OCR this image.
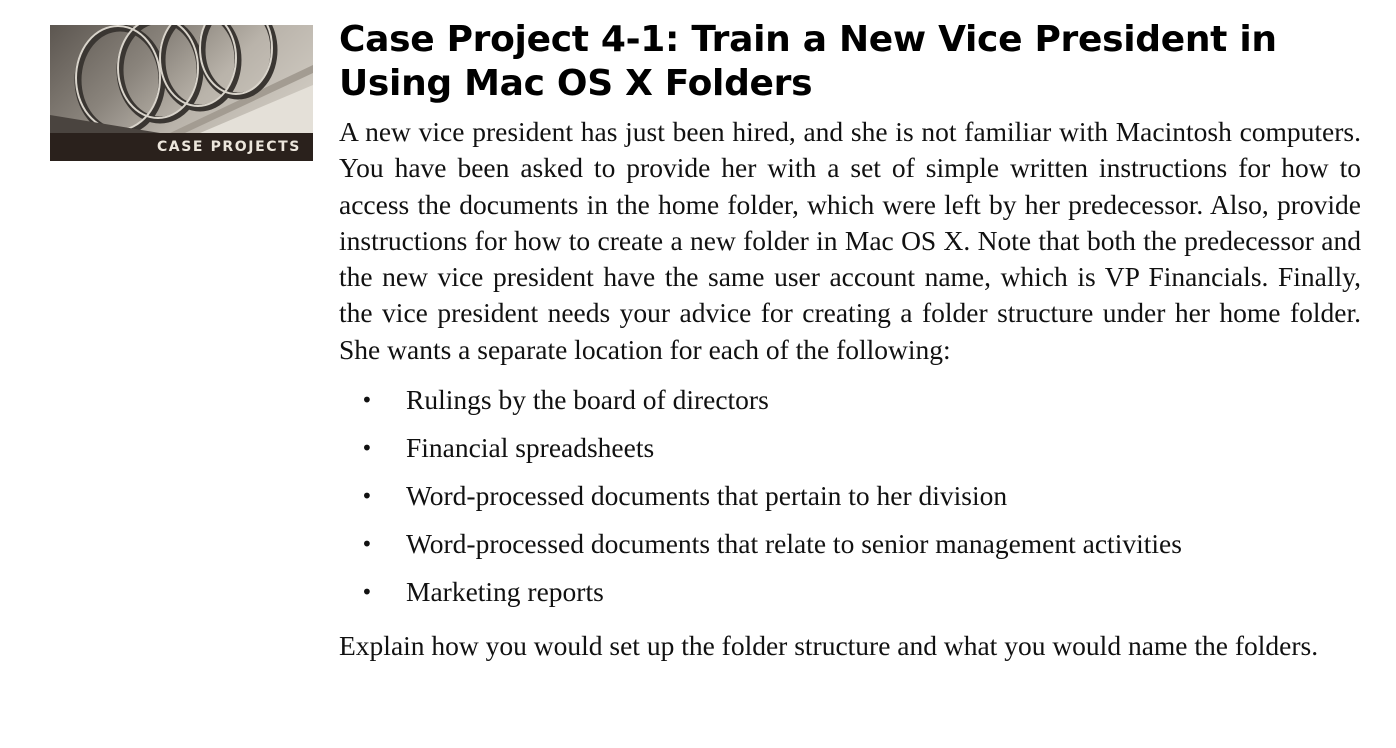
CASE PROJECTS
Case Project 4-1: Train a New Vice President in Using Mac OS X Folders

A new vice president has just been hired, and she is not familiar with Macintosh computers. You have been asked to provide her with a set of simple written instructions for how to access the documents in the home folder, which were left by her predecessor. Also, provide instructions for how to create a new folder in Mac OS X. Note that both the predecessor and the new vice president have the same user account name, which is VP Financials. Finally, the vice president needs your advice for creating a folder structure under her home folder. She wants a separate location for each of the following:

• Rulings by the board of directors
• Financial spreadsheets
• Word-processed documents that pertain to her division
• Word-processed documents that relate to senior management activities
• Marketing reports

Explain how you would set up the folder structure and what you would name the folders.
